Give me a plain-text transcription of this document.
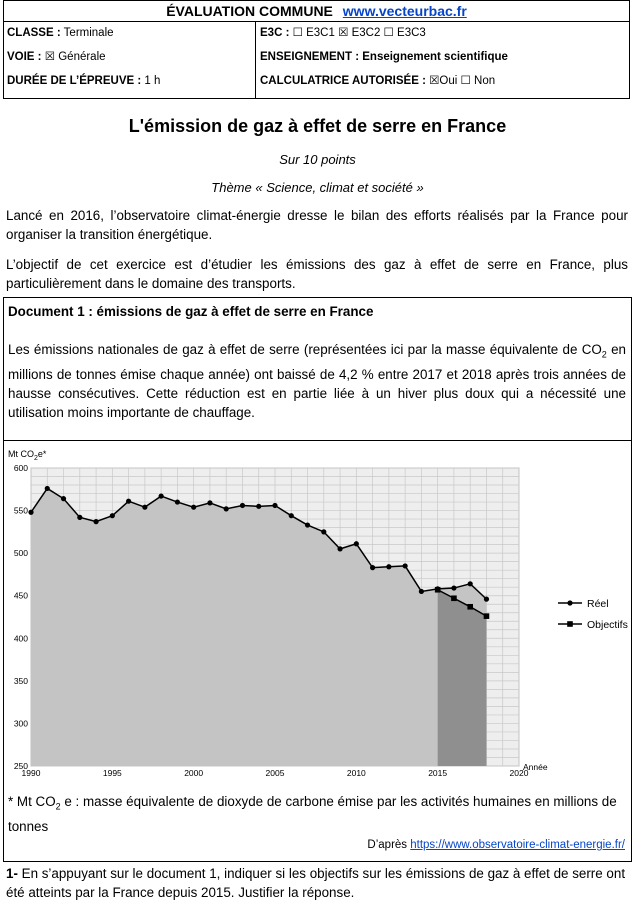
ÉVALUATION COMMUNE www.vecteurbac.fr
CLASSE : Terminale	E3C : ☐ E3C1 ☒ E3C2 ☐ E3C3
VOIE : ☒ Générale	ENSEIGNEMENT : Enseignement scientifique
DURÉE DE L’ÉPREUVE : 1 h	CALCULATRICE AUTORISÉE : ☒Oui ☐ Non
L'émission de gaz à effet de serre en France
Sur 10 points
Thème « Science, climat et société »
Lancé en 2016, l’observatoire climat-énergie dresse le bilan des efforts réalisés par la France pour organiser la transition énergétique.
L’objectif de cet exercice est d’étudier les émissions des gaz à effet de serre en France, plus particulièrement dans le domaine des transports.
Document 1 : émissions de gaz à effet de serre en France
Les émissions nationales de gaz à effet de serre (représentées ici par la masse équivalente de $CO_2$ en millions de tonnes émise chaque année) ont baissé de 4,2 % entre 2017 et 2018 après trois années de hausse consécutives. Cette réduction est en partie liée à un hiver plus doux qui a nécessité une utilisation moins importante de chauffage.
250
300
350
400
450
500
550
600
1990	1995	2000	2005	2010	2015	2020
Mt $CO_2e*$
Année
Réel
Objectifs
* Mt $CO_2$ e : masse équivalente de dioxyde de carbone émise par les activités humaines en millions de tonnes
D’après https://www.observatoire-climat-energie.fr/
1- En s’appuyant sur le document 1, indiquer si les objectifs sur les émissions de gaz à effet de serre ont été atteints par la France depuis 2015. Justifier la réponse.
